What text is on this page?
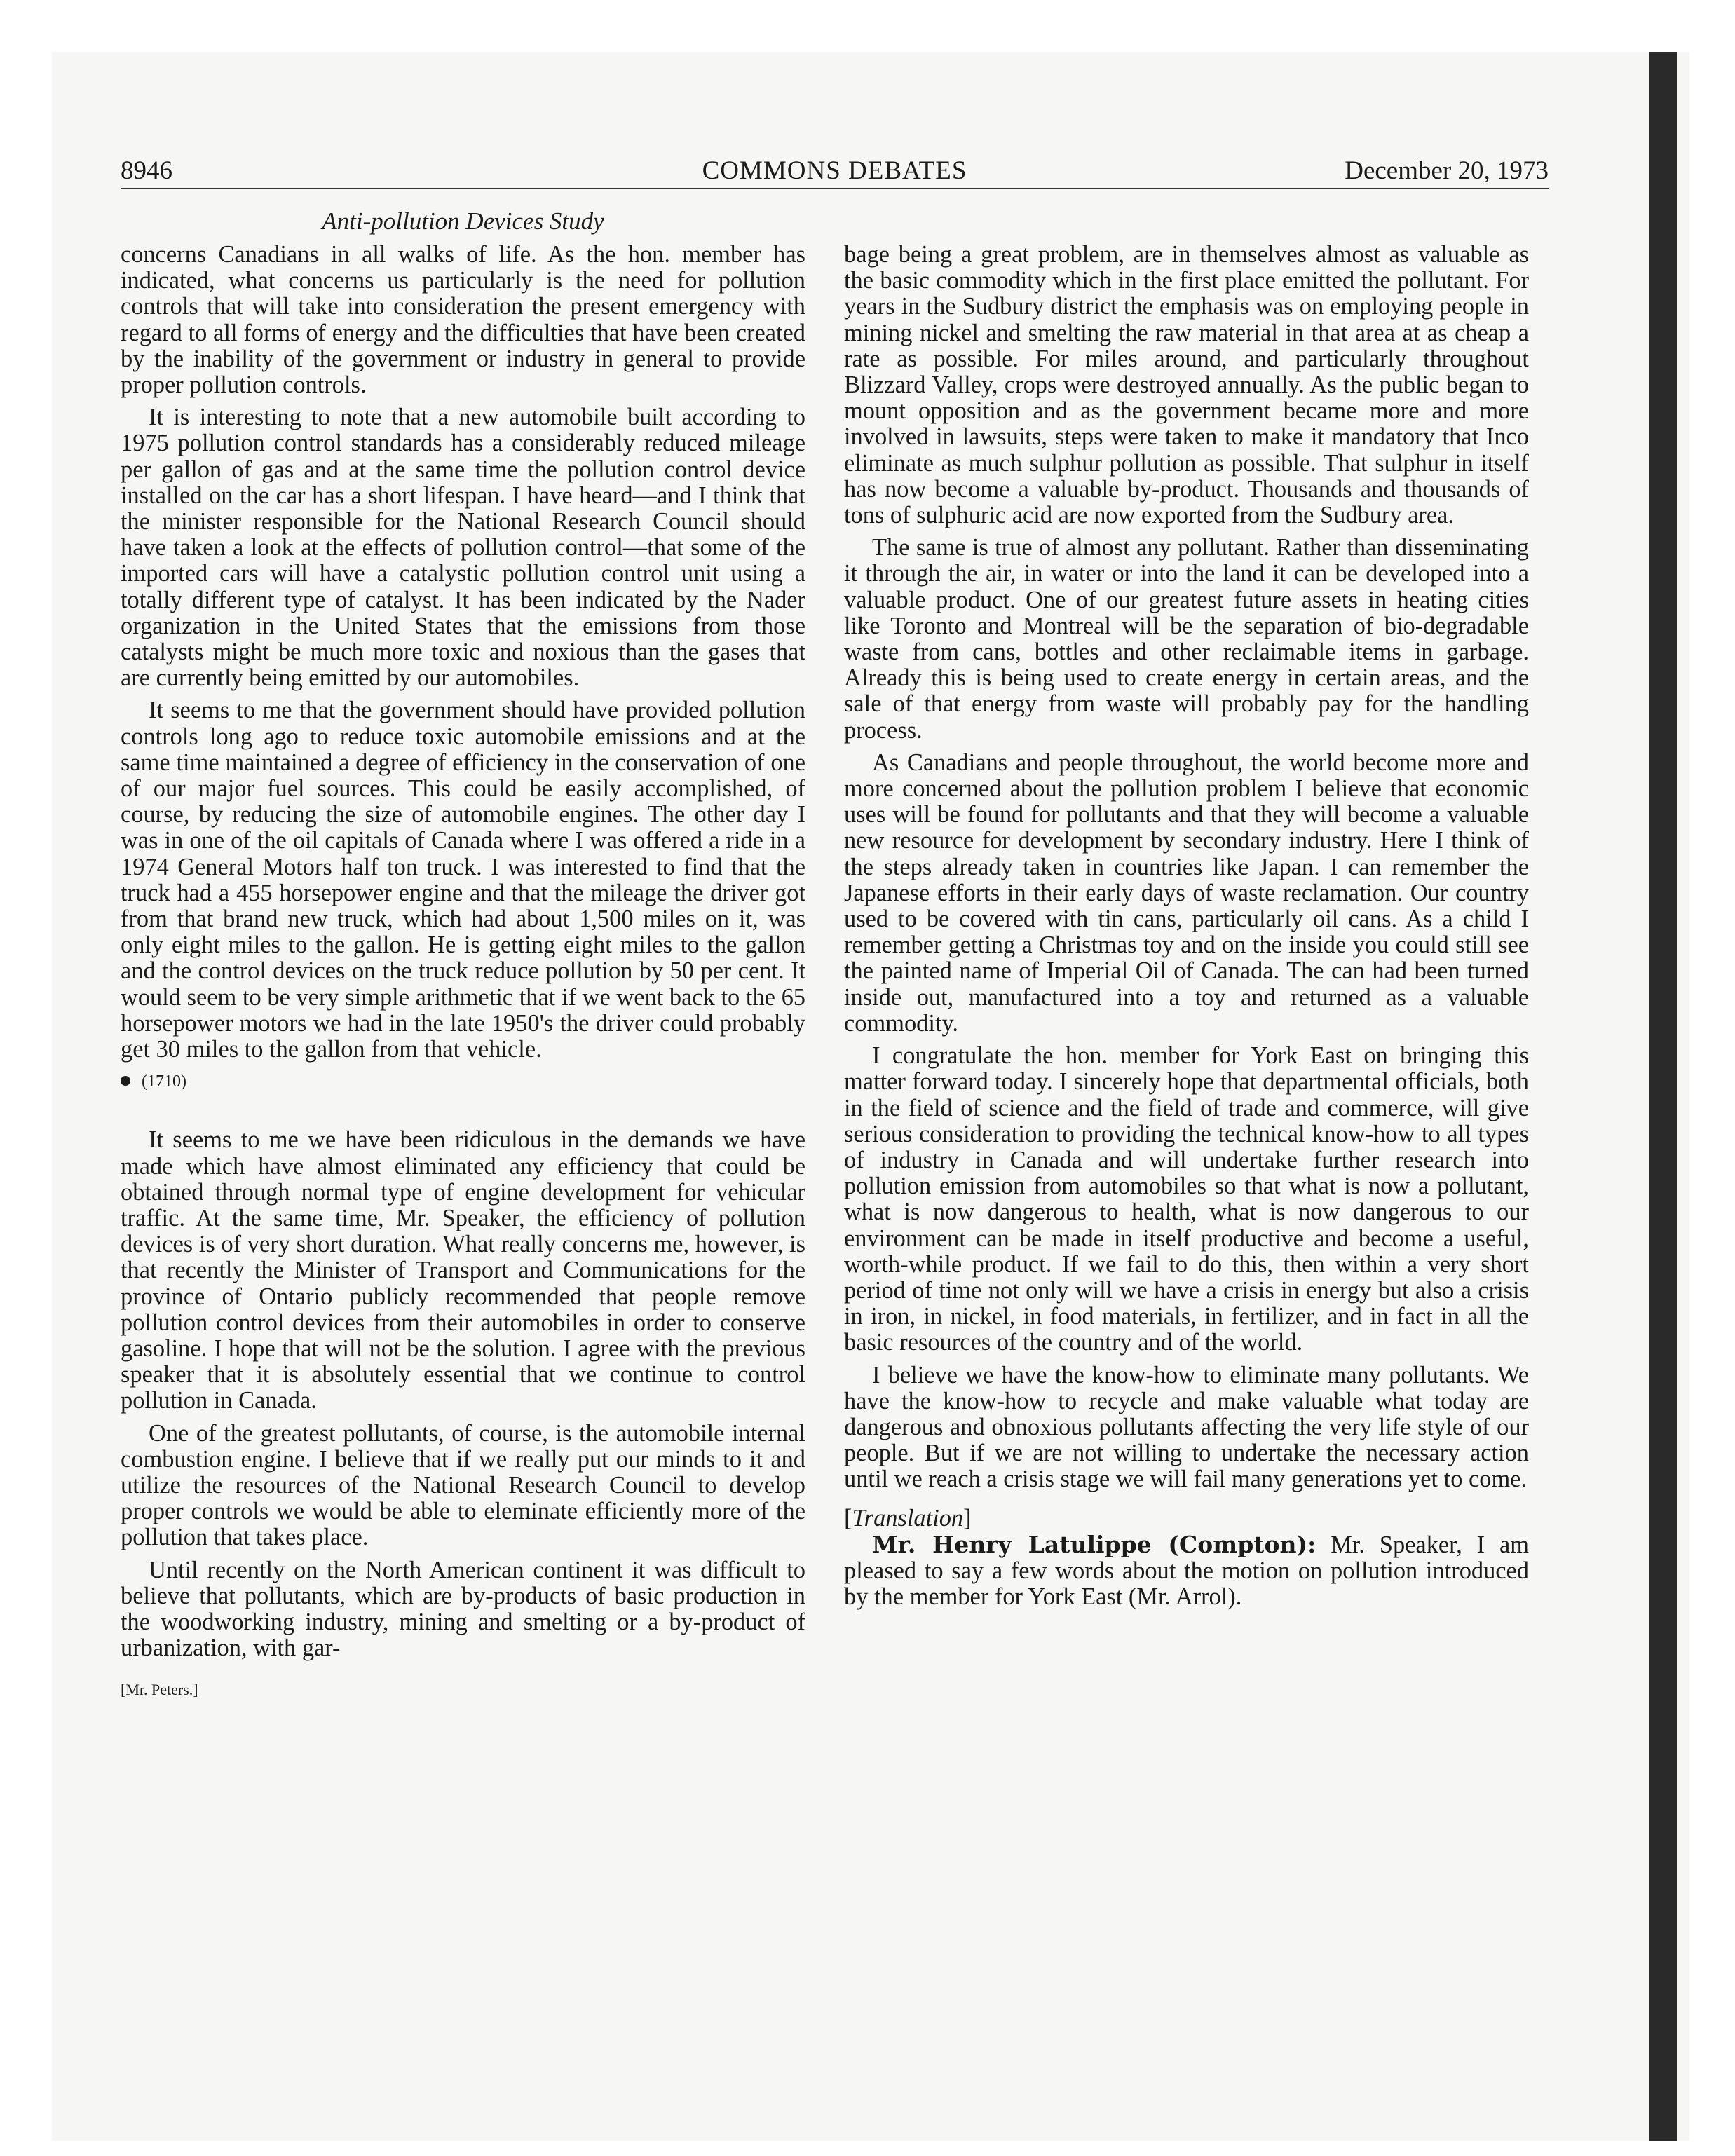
8946	COMMONS DEBATES	December 20, 1973
Anti-pollution Devices Study

concerns Canadians in all walks of life. As the hon. member has indicated, what concerns us particularly is the need for pollution controls that will take into consideration the present emergency with regard to all forms of energy and the difficulties that have been created by the inability of the government or industry in general to provide proper pollution controls.

It is interesting to note that a new automobile built according to 1975 pollution control standards has a considerably reduced mileage per gallon of gas and at the same time the pollution control device installed on the car has a short lifespan. I have heard—and I think that the minister responsible for the National Research Council should have taken a look at the effects of pollution control—that some of the imported cars will have a catalystic pollution control unit using a totally different type of catalyst. It has been indicated by the Nader organization in the United States that the emissions from those catalysts might be much more toxic and noxious than the gases that are currently being emitted by our automobiles.

It seems to me that the government should have provided pollution controls long ago to reduce toxic automobile emissions and at the same time maintained a degree of efficiency in the conservation of one of our major fuel sources. This could be easily accomplished, of course, by reducing the size of automobile engines. The other day I was in one of the oil capitals of Canada where I was offered a ride in a 1974 General Motors half ton truck. I was interested to find that the truck had a 455 horsepower engine and that the mileage the driver got from that brand new truck, which had about 1,500 miles on it, was only eight miles to the gallon. He is getting eight miles to the gallon and the control devices on the truck reduce pollution by 50 per cent. It would seem to be very simple arithmetic that if we went back to the 65 horsepower motors we had in the late 1950's the driver could probably get 30 miles to the gallon from that vehicle.

(1710)

It seems to me we have been ridiculous in the demands we have made which have almost eliminated any efficiency that could be obtained through normal type of engine development for vehicular traffic. At the same time, Mr. Speaker, the efficiency of pollution devices is of very short duration. What really concerns me, however, is that recently the Minister of Transport and Communications for the province of Ontario publicly recommended that people remove pollution control devices from their automobiles in order to conserve gasoline. I hope that will not be the solution. I agree with the previous speaker that it is absolutely essential that we continue to control pollution in Canada.

One of the greatest pollutants, of course, is the automobile internal combustion engine. I believe that if we really put our minds to it and utilize the resources of the National Research Council to develop proper controls we would be able to eleminate efficiently more of the pollution that takes place.

Until recently on the North American continent it was difficult to believe that pollutants, which are by-products of basic production in the woodworking industry, mining and smelting or a by-product of urbanization, with gar-

[Mr. Peters.]

bage being a great problem, are in themselves almost as valuable as the basic commodity which in the first place emitted the pollutant. For years in the Sudbury district the emphasis was on employing people in mining nickel and smelting the raw material in that area at as cheap a rate as possible. For miles around, and particularly throughout Blizzard Valley, crops were destroyed annually. As the public began to mount opposition and as the government became more and more involved in lawsuits, steps were taken to make it mandatory that Inco eliminate as much sulphur pollution as possible. That sulphur in itself has now become a valuable by-product. Thousands and thousands of tons of sulphuric acid are now exported from the Sudbury area.

The same is true of almost any pollutant. Rather than disseminating it through the air, in water or into the land it can be developed into a valuable product. One of our greatest future assets in heating cities like Toronto and Montreal will be the separation of bio-degradable waste from cans, bottles and other reclaimable items in garbage. Already this is being used to create energy in certain areas, and the sale of that energy from waste will probably pay for the handling process.

As Canadians and people throughout, the world become more and more concerned about the pollution problem I believe that economic uses will be found for pollutants and that they will become a valuable new resource for development by secondary industry. Here I think of the steps already taken in countries like Japan. I can remember the Japanese efforts in their early days of waste reclamation. Our country used to be covered with tin cans, particularly oil cans. As a child I remember getting a Christmas toy and on the inside you could still see the painted name of Imperial Oil of Canada. The can had been turned inside out, manufactured into a toy and returned as a valuable commodity.

I congratulate the hon. member for York East on bringing this matter forward today. I sincerely hope that departmental officials, both in the field of science and the field of trade and commerce, will give serious consideration to providing the technical know-how to all types of industry in Canada and will undertake further research into pollution emission from automobiles so that what is now a pollutant, what is now dangerous to health, what is now dangerous to our environment can be made in itself productive and become a useful, worth-while product. If we fail to do this, then within a very short period of time not only will we have a crisis in energy but also a crisis in iron, in nickel, in food materials, in fertilizer, and in fact in all the basic resources of the country and of the world.

I believe we have the know-how to eliminate many pollutants. We have the know-how to recycle and make valuable what today are dangerous and obnoxious pollutants affecting the very life style of our people. But if we are not willing to undertake the necessary action until we reach a crisis stage we will fail many generations yet to come.

[Translation]

Mr. Henry Latulippe (Compton): Mr. Speaker, I am pleased to say a few words about the motion on pollution introduced by the member for York East (Mr. Arrol).
